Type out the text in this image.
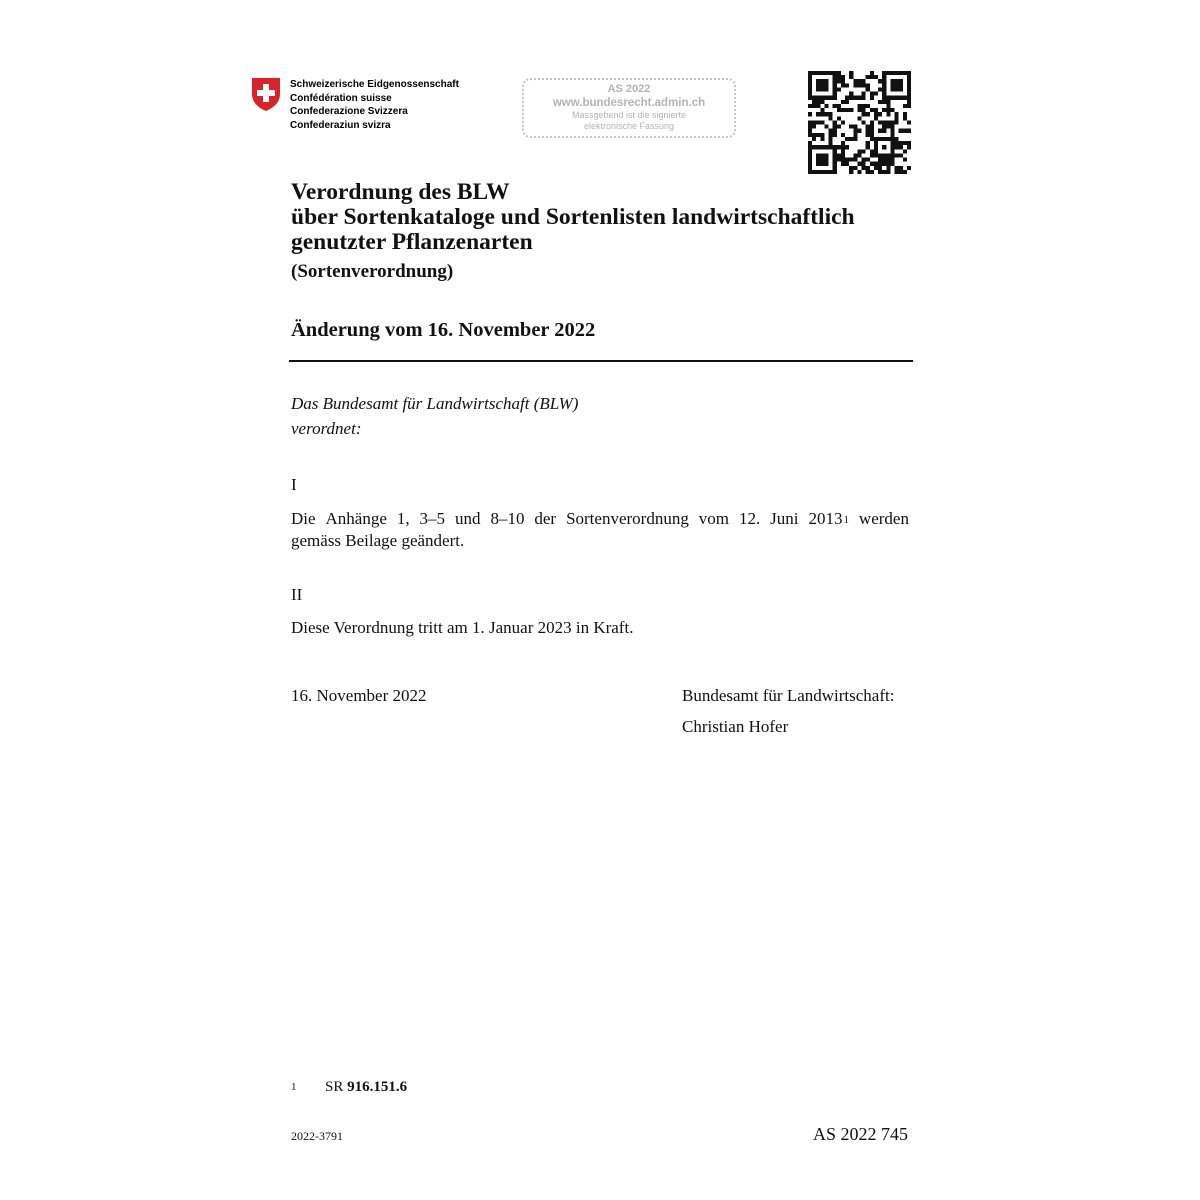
Schweizerische Eidgenossenschaft
Confédération suisse
Confederazione Svizzera
Confederaziun svizra
AS 2022
www.bundesrecht.admin.ch
Massgebend ist die signierte
elektronische Fassung
Verordnung des BLW
über Sortenkataloge und Sortenlisten landwirtschaftlich
genutzter Pflanzenarten
(Sortenverordnung)
Änderung vom 16. November 2022
Das Bundesamt für Landwirtschaft (BLW)
verordnet:
I
Die Anhänge 1, 3–5 und 8–10 der Sortenverordnung vom 12. Juni 2013$^1$ werden
gemäss Beilage geändert.
II
Diese Verordnung tritt am 1. Januar 2023 in Kraft.
16. November 2022	Bundesamt für Landwirtschaft:
Christian Hofer
1 SR 916.151.6
2022-3791	AS 2022 745
